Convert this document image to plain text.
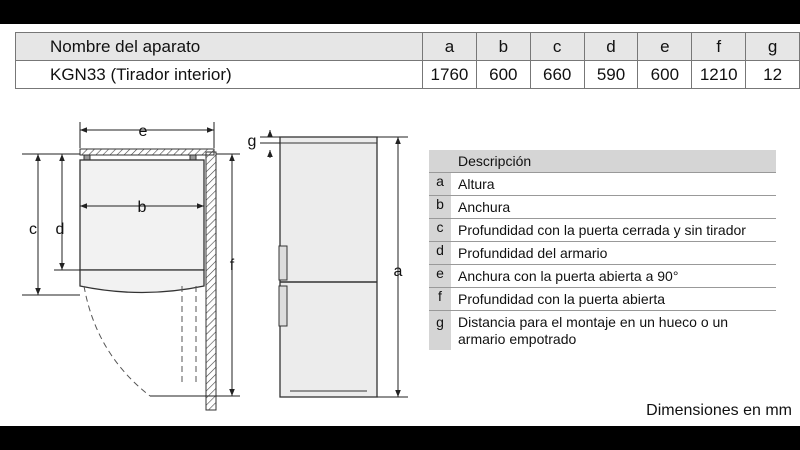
Nombre del aparato	a	b	c	d	e	f	g
KGN33 (Tirador interior)	1760	600	660	590	600	1210	12
e
b
c d
f
g
a
Descripción
a	Altura
b	Anchura
c	Profundidad con la puerta cerrada y sin tirador
d	Profundidad del armario
e	Anchura con la puerta abierta a 90°
f	Profundidad con la puerta abierta
g	Distancia para el montaje en un hueco o un armario empotrado
Dimensiones en mm
